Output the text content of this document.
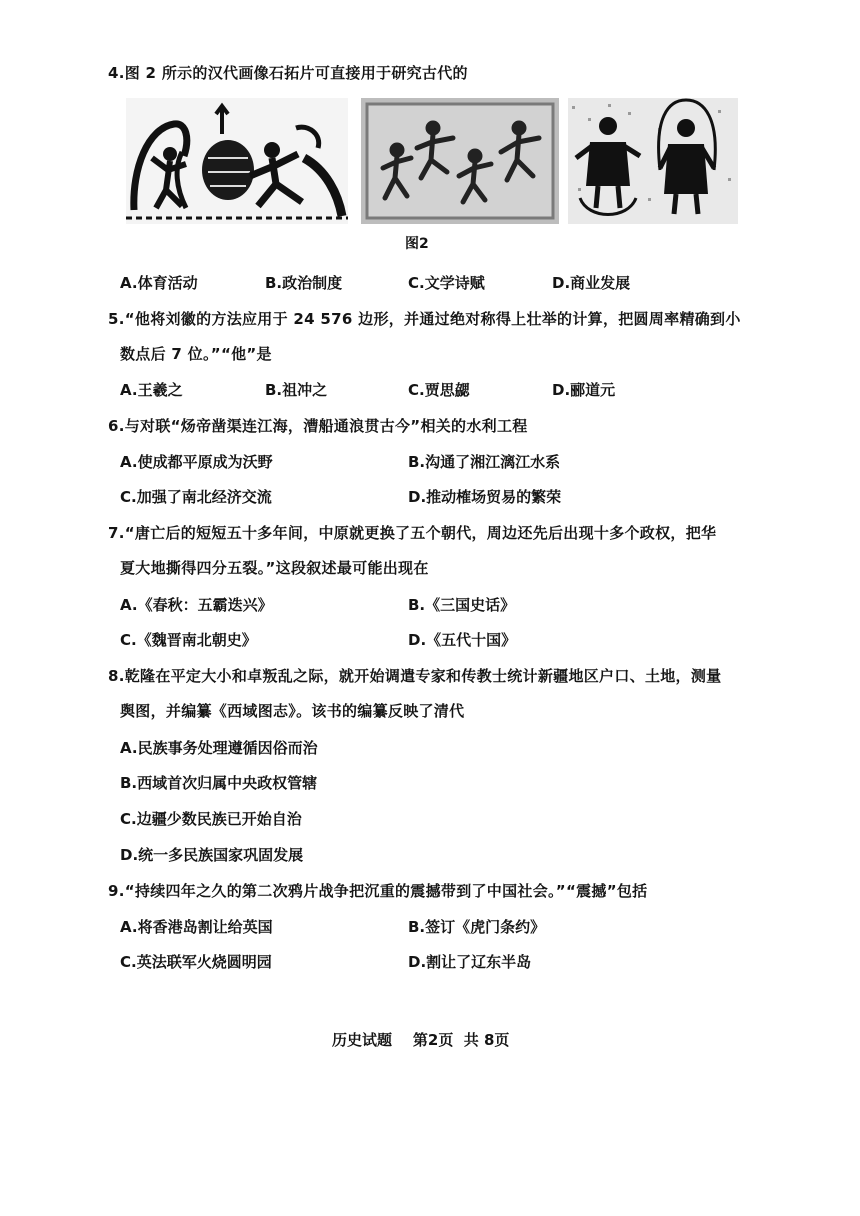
4.图 2 所示的汉代画像石拓片可直接用于研究古代的
图2
A.体育活动	B.政治制度	C.文学诗赋	D.商业发展
5.“他将刘徽的方法应用于 24 576 边形，并通过绝对称得上壮举的计算，把圆周率精确到小
数点后 7 位。”“他”是
A.王羲之	B.祖冲之	C.贾思勰	D.郦道元
6.与对联“炀帝凿渠连江海，漕船通浪贯古今”相关的水利工程
A.使成都平原成为沃野	B.沟通了湘江漓江水系
C.加强了南北经济交流	D.推动榷场贸易的繁荣
7.“唐亡后的短短五十多年间，中原就更换了五个朝代，周边还先后出现十多个政权，把华
夏大地撕得四分五裂。”这段叙述最可能出现在
A.《春秋：五霸迭兴》	B.《三国史话》
C.《魏晋南北朝史》	D.《五代十国》
8.乾隆在平定大小和卓叛乱之际，就开始调遣专家和传教士统计新疆地区户口、土地，测量
舆图，并编纂《西域图志》。该书的编纂反映了清代
A.民族事务处理遵循因俗而治
B.西域首次归属中央政权管辖
C.边疆少数民族已开始自治
D.统一多民族国家巩固发展
9.“持续四年之久的第二次鸦片战争把沉重的震撼带到了中国社会。”“震撼”包括
A.将香港岛割让给英国	B.签订《虎门条约》
C.英法联军火烧圆明园	D.割让了辽东半岛
历史试题    第2页  共 8页
